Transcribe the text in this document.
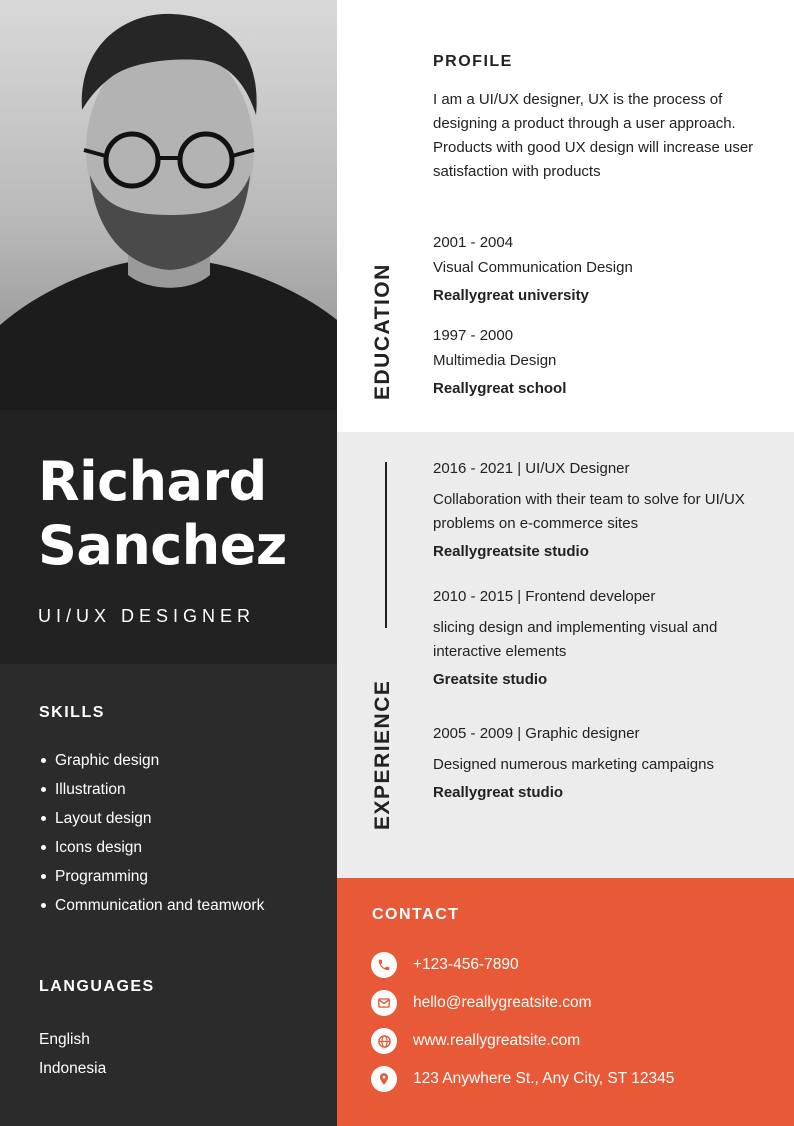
Richard
Sanchez
UI/UX DESIGNER
SKILLS
Graphic design
Illustration
Layout design
Icons design
Programming
Communication and teamwork
LANGUAGES
English
Indonesia
PROFILE

I am a UI/UX designer, UX is the process of designing a product through a user approach. Products with good UX design will increase user satisfaction with products

EDUCATION
2001 - 2004
Visual Communication Design
Reallygreat university
1997 - 2000
Multimedia Design
Reallygreat school
EXPERIENCE
2016 - 2021 | UI/UX Designer
Collaboration with their team to solve for UI/UX problems on e-commerce sites
Reallygreatsite studio
2010 - 2015 | Frontend developer
slicing design and implementing visual and interactive elements
Greatsite studio
2005 - 2009 | Graphic designer
Designed numerous marketing campaigns
Reallygreat studio
CONTACT
+123-456-7890
hello@reallygreatsite.com
www.reallygreatsite.com
123 Anywhere St., Any City, ST 12345
